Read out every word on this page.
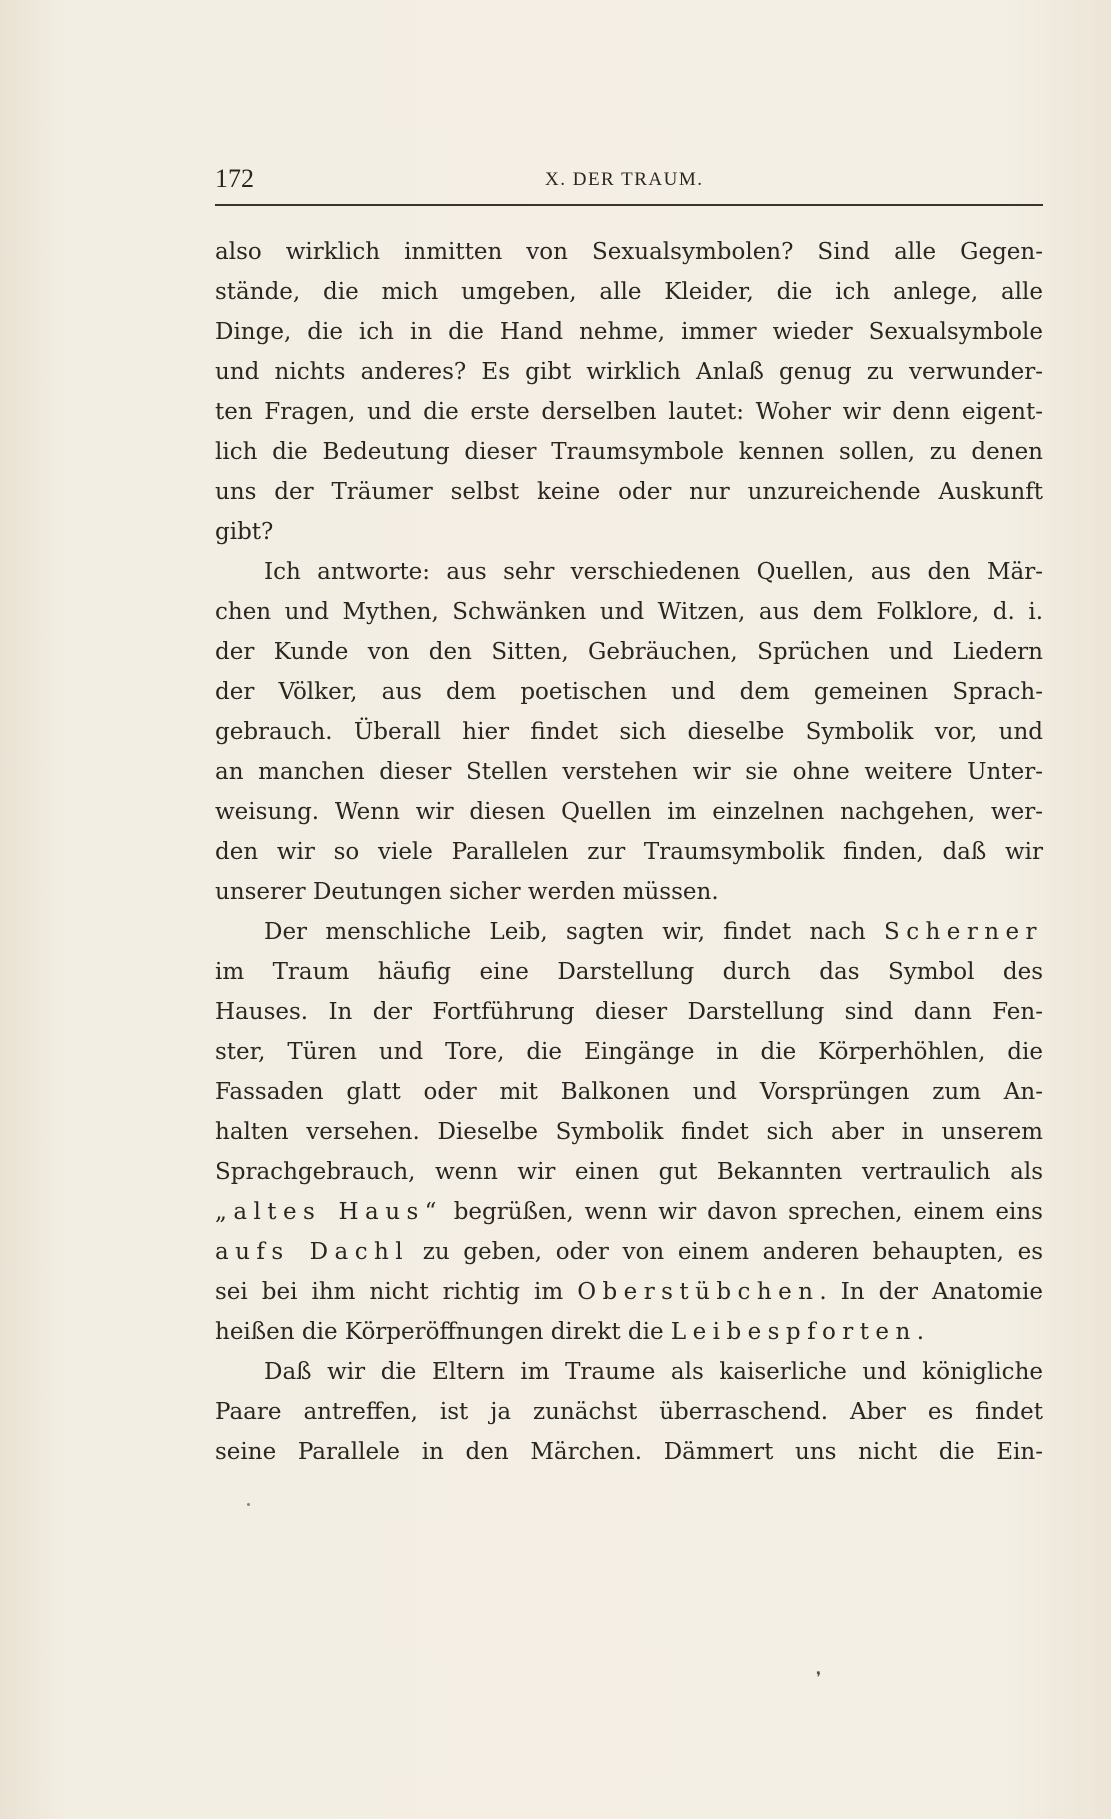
172	X. DER TRAUM.
also wirklich inmitten von Sexualsymbolen? Sind alle Gegen-
stände, die mich umgeben, alle Kleider, die ich anlege, alle
Dinge, die ich in die Hand nehme, immer wieder Sexualsymbole
und nichts anderes? Es gibt wirklich Anlaß genug zu verwunder-
ten Fragen, und die erste derselben lautet: Woher wir denn eigent-
lich die Bedeutung dieser Traumsymbole kennen sollen, zu denen
uns der Träumer selbst keine oder nur unzureichende Auskunft
gibt?
Ich antworte: aus sehr verschiedenen Quellen, aus den Mär-
chen und Mythen, Schwänken und Witzen, aus dem Folklore, d. i.
der Kunde von den Sitten, Gebräuchen, Sprüchen und Liedern
der Völker, aus dem poetischen und dem gemeinen Sprach-
gebrauch. Überall hier findet sich dieselbe Symbolik vor, und
an manchen dieser Stellen verstehen wir sie ohne weitere Unter-
weisung. Wenn wir diesen Quellen im einzelnen nachgehen, wer-
den wir so viele Parallelen zur Traumsymbolik finden, daß wir
unserer Deutungen sicher werden müssen.
Der menschliche Leib, sagten wir, findet nach Scherner
im Traum häufig eine Darstellung durch das Symbol des
Hauses. In der Fortführung dieser Darstellung sind dann Fen-
ster, Türen und Tore, die Eingänge in die Körperhöhlen, die
Fassaden glatt oder mit Balkonen und Vorsprüngen zum An-
halten versehen. Dieselbe Symbolik findet sich aber in unserem
Sprachgebrauch, wenn wir einen gut Bekannten vertraulich als
„altes Haus“ begrüßen, wenn wir davon sprechen, einem eins
aufs Dachl zu geben, oder von einem anderen behaupten, es
sei bei ihm nicht richtig im Oberstübchen. In der Anatomie
heißen die Körperöffnungen direkt die Leibespforten.
Daß wir die Eltern im Traume als kaiserliche und königliche
Paare antreffen, ist ja zunächst überraschend. Aber es findet
seine Parallele in den Märchen. Dämmert uns nicht die Ein-
❜
